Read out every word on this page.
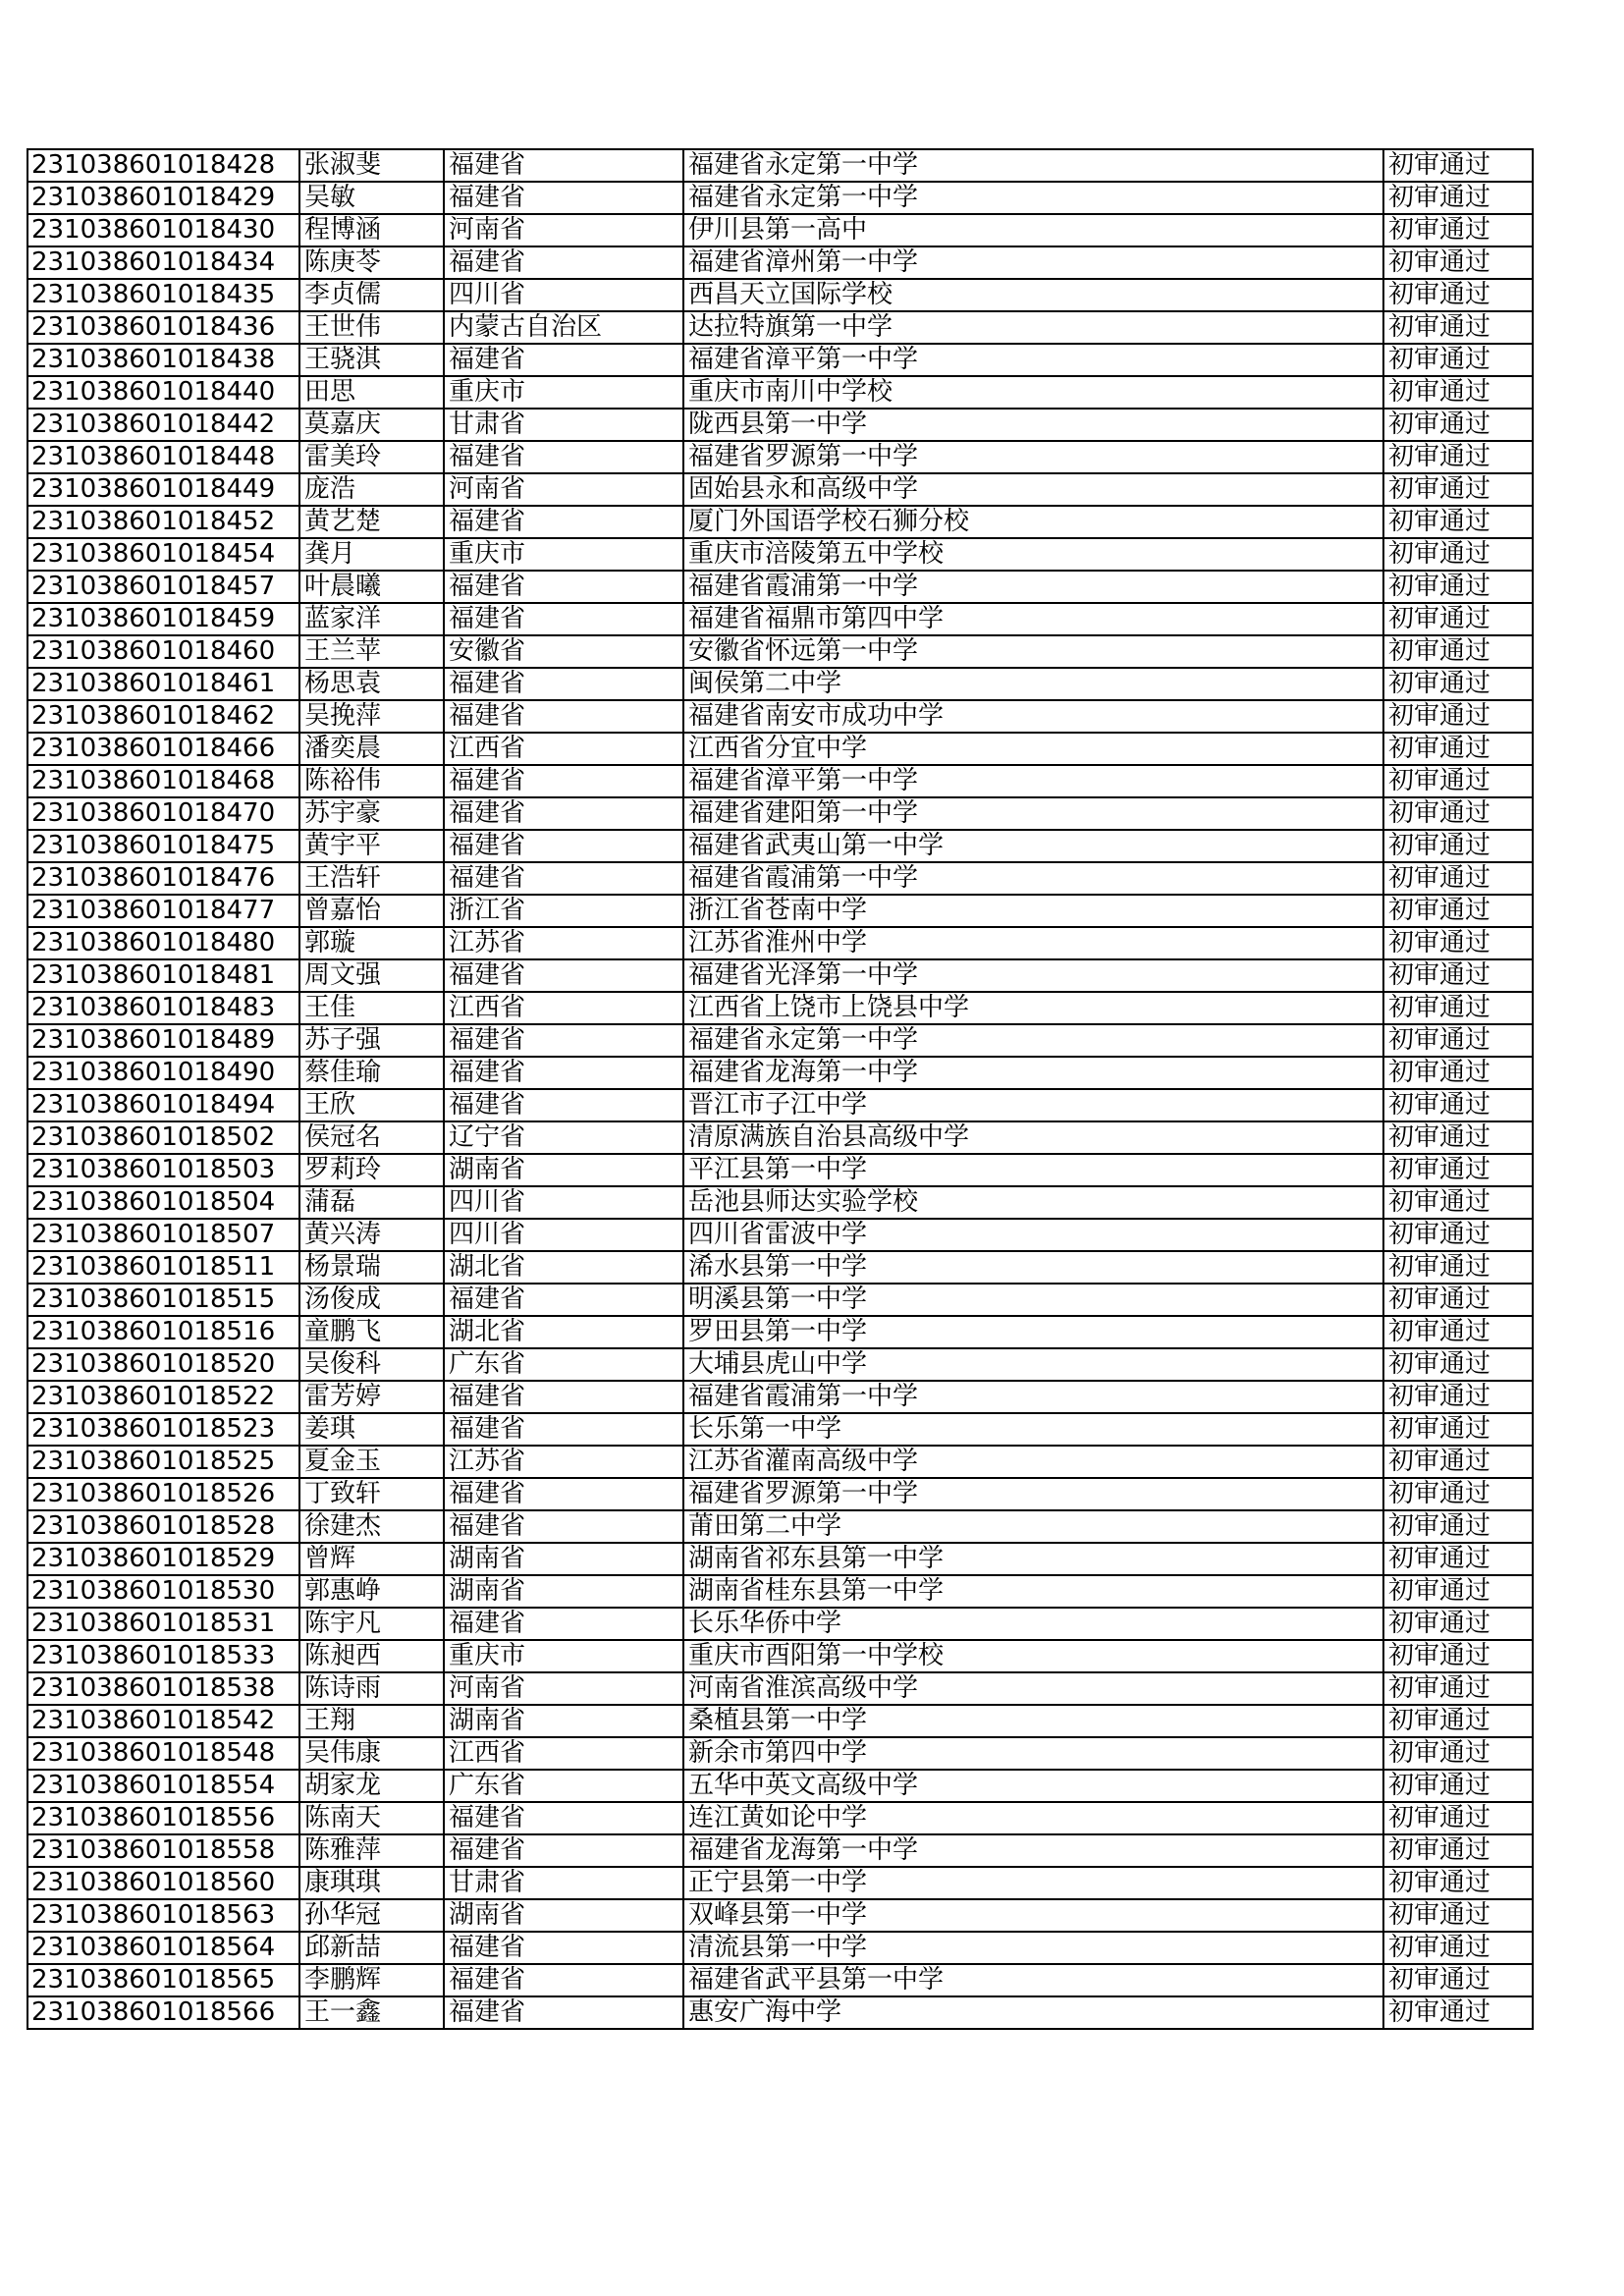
231038601018428	张淑斐	福建省	福建省永定第一中学	初审通过
231038601018429	吴敏	福建省	福建省永定第一中学	初审通过
231038601018430	程博涵	河南省	伊川县第一高中	初审通过
231038601018434	陈庚苓	福建省	福建省漳州第一中学	初审通过
231038601018435	李贞儒	四川省	西昌天立国际学校	初审通过
231038601018436	王世伟	内蒙古自治区	达拉特旗第一中学	初审通过
231038601018438	王骁淇	福建省	福建省漳平第一中学	初审通过
231038601018440	田思	重庆市	重庆市南川中学校	初审通过
231038601018442	莫嘉庆	甘肃省	陇西县第一中学	初审通过
231038601018448	雷美玲	福建省	福建省罗源第一中学	初审通过
231038601018449	庞浩	河南省	固始县永和高级中学	初审通过
231038601018452	黄艺楚	福建省	厦门外国语学校石狮分校	初审通过
231038601018454	龚月	重庆市	重庆市涪陵第五中学校	初审通过
231038601018457	叶晨曦	福建省	福建省霞浦第一中学	初审通过
231038601018459	蓝家洋	福建省	福建省福鼎市第四中学	初审通过
231038601018460	王兰苹	安徽省	安徽省怀远第一中学	初审通过
231038601018461	杨思袁	福建省	闽侯第二中学	初审通过
231038601018462	吴挽萍	福建省	福建省南安市成功中学	初审通过
231038601018466	潘奕晨	江西省	江西省分宜中学	初审通过
231038601018468	陈裕伟	福建省	福建省漳平第一中学	初审通过
231038601018470	苏宇豪	福建省	福建省建阳第一中学	初审通过
231038601018475	黄宇平	福建省	福建省武夷山第一中学	初审通过
231038601018476	王浩轩	福建省	福建省霞浦第一中学	初审通过
231038601018477	曾嘉怡	浙江省	浙江省苍南中学	初审通过
231038601018480	郭璇	江苏省	江苏省淮州中学	初审通过
231038601018481	周文强	福建省	福建省光泽第一中学	初审通过
231038601018483	王佳	江西省	江西省上饶市上饶县中学	初审通过
231038601018489	苏子强	福建省	福建省永定第一中学	初审通过
231038601018490	蔡佳瑜	福建省	福建省龙海第一中学	初审通过
231038601018494	王欣	福建省	晋江市子江中学	初审通过
231038601018502	侯冠名	辽宁省	清原满族自治县高级中学	初审通过
231038601018503	罗莉玲	湖南省	平江县第一中学	初审通过
231038601018504	蒲磊	四川省	岳池县师达实验学校	初审通过
231038601018507	黄兴涛	四川省	四川省雷波中学	初审通过
231038601018511	杨景瑞	湖北省	浠水县第一中学	初审通过
231038601018515	汤俊成	福建省	明溪县第一中学	初审通过
231038601018516	童鹏飞	湖北省	罗田县第一中学	初审通过
231038601018520	吴俊科	广东省	大埔县虎山中学	初审通过
231038601018522	雷芳婷	福建省	福建省霞浦第一中学	初审通过
231038601018523	姜琪	福建省	长乐第一中学	初审通过
231038601018525	夏金玉	江苏省	江苏省灌南高级中学	初审通过
231038601018526	丁致轩	福建省	福建省罗源第一中学	初审通过
231038601018528	徐建杰	福建省	莆田第二中学	初审通过
231038601018529	曾辉	湖南省	湖南省祁东县第一中学	初审通过
231038601018530	郭惠峥	湖南省	湖南省桂东县第一中学	初审通过
231038601018531	陈宇凡	福建省	长乐华侨中学	初审通过
231038601018533	陈昶西	重庆市	重庆市酉阳第一中学校	初审通过
231038601018538	陈诗雨	河南省	河南省淮滨高级中学	初审通过
231038601018542	王翔	湖南省	桑植县第一中学	初审通过
231038601018548	吴伟康	江西省	新余市第四中学	初审通过
231038601018554	胡家龙	广东省	五华中英文高级中学	初审通过
231038601018556	陈南天	福建省	连江黄如论中学	初审通过
231038601018558	陈雅萍	福建省	福建省龙海第一中学	初审通过
231038601018560	康琪琪	甘肃省	正宁县第一中学	初审通过
231038601018563	孙华冠	湖南省	双峰县第一中学	初审通过
231038601018564	邱新喆	福建省	清流县第一中学	初审通过
231038601018565	李鹏辉	福建省	福建省武平县第一中学	初审通过
231038601018566	王一鑫	福建省	惠安广海中学	初审通过
